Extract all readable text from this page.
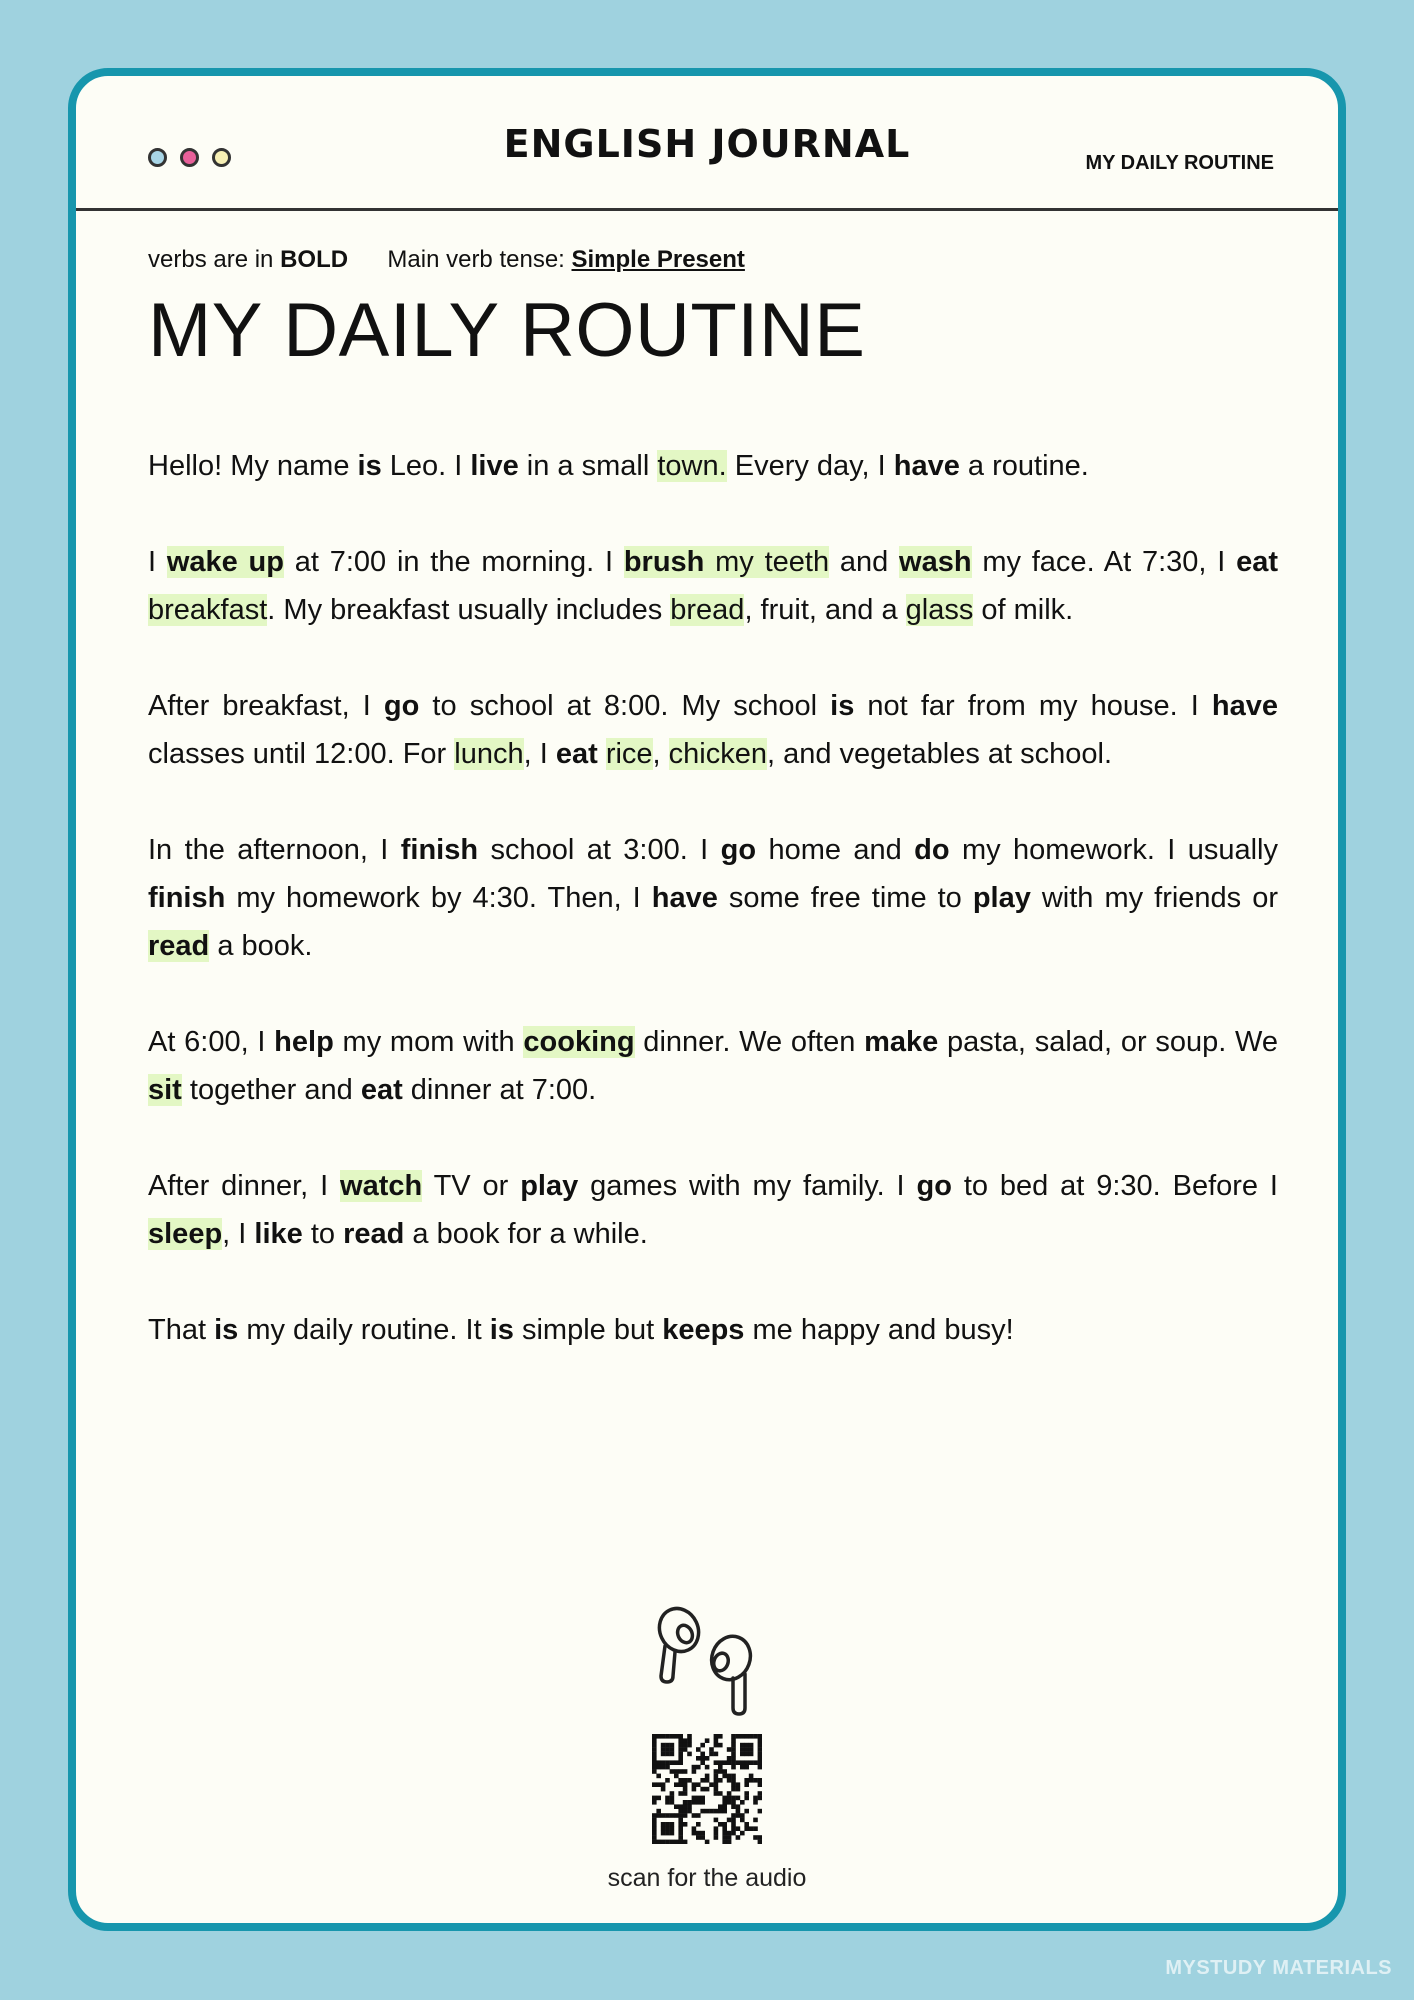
ENGLISH JOURNAL	MY DAILY ROUTINE
verbs are in BOLD Main verb tense: Simple Present
MY DAILY ROUTINE

Hello! My name is Leo. I live in a small town. Every day, I have a routine.

I wake up at 7:00 in the morning. I brush my teeth and wash my face. At 7:30, I eat breakfast. My breakfast usually includes bread, fruit, and a glass of milk.

After breakfast, I go to school at 8:00. My school is not far from my house. I have classes until 12:00. For lunch, I eat rice, chicken, and vegetables at school.

In the afternoon, I finish school at 3:00. I go home and do my homework. I usually finish my homework by 4:30. Then, I have some free time to play with my friends or read a book.

At 6:00, I help my mom with cooking dinner. We often make pasta, salad, or soup. We sit together and eat dinner at 7:00.

After dinner, I watch TV or play games with my family. I go to bed at 9:30. Before I sleep, I like to read a book for a while.

That is my daily routine. It is simple but keeps me happy and busy!

scan for the audio
MYSTUDY MATERIALS
